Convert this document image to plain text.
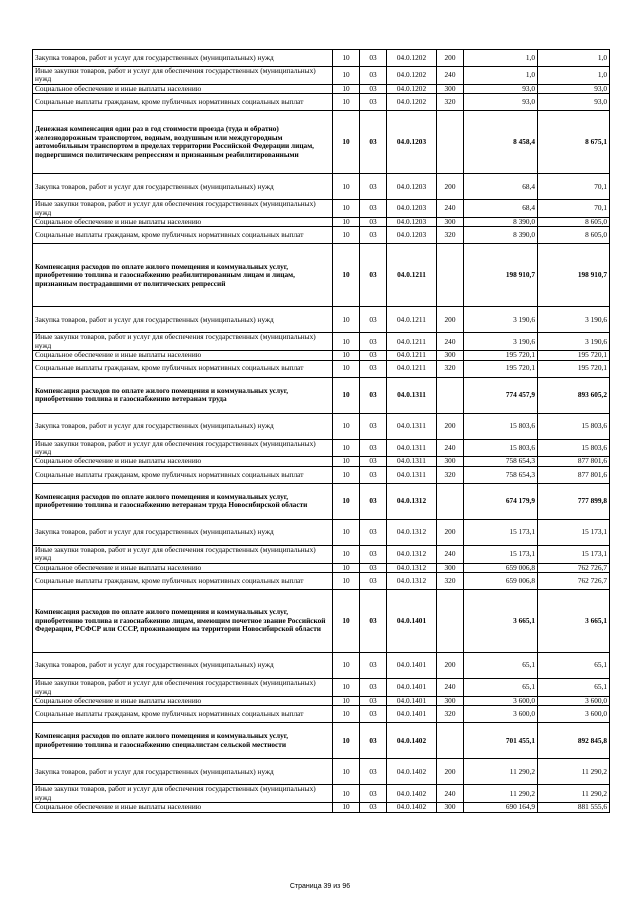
Закупка товаров, работ и услуг для государственных (муниципальных) нужд	10	03	04.0.1202	200	1,0	1,0
Иные закупки товаров, работ и услуг для обеспечения государственных (муниципальных) нужд	10	03	04.0.1202	240	1,0	1,0
Социальное обеспечение и иные выплаты населению	10	03	04.0.1202	300	93,0	93,0
Социальные выплаты гражданам, кроме публичных нормативных социальных выплат	10	03	04.0.1202	320	93,0	93,0
Денежная компенсация один раз в год стоимости проезда (туда и обратно) железнодорожным транспортом, водным, воздушным или междугородным автомобильным транспортом в пределах территории Российской Федерации лицам, подвергшимся политическим репрессиям и признанным реабилитированными	10	03	04.0.1203		8 458,4	8 675,1
Закупка товаров, работ и услуг для государственных (муниципальных) нужд	10	03	04.0.1203	200	68,4	70,1
Иные закупки товаров, работ и услуг для обеспечения государственных (муниципальных) нужд	10	03	04.0.1203	240	68,4	70,1
Социальное обеспечение и иные выплаты населению	10	03	04.0.1203	300	8 390,0	8 605,0
Социальные выплаты гражданам, кроме публичных нормативных социальных выплат	10	03	04.0.1203	320	8 390,0	8 605,0
Компенсация расходов по оплате жилого помещения и коммунальных услуг, приобретению топлива и газоснабжению реабилитированным лицам и лицам, признанным пострадавшими от политических репрессий	10	03	04.0.1211		198 910,7	198 910,7
Закупка товаров, работ и услуг для государственных (муниципальных) нужд	10	03	04.0.1211	200	3 190,6	3 190,6
Иные закупки товаров, работ и услуг для обеспечения государственных (муниципальных) нужд	10	03	04.0.1211	240	3 190,6	3 190,6
Социальное обеспечение и иные выплаты населению	10	03	04.0.1211	300	195 720,1	195 720,1
Социальные выплаты гражданам, кроме публичных нормативных социальных выплат	10	03	04.0.1211	320	195 720,1	195 720,1
Компенсация расходов по оплате жилого помещения и коммунальных услуг, приобретению топлива и газоснабжению ветеранам труда	10	03	04.0.1311		774 457,9	893 605,2
Закупка товаров, работ и услуг для государственных (муниципальных) нужд	10	03	04.0.1311	200	15 803,6	15 803,6
Иные закупки товаров, работ и услуг для обеспечения государственных (муниципальных) нужд	10	03	04.0.1311	240	15 803,6	15 803,6
Социальное обеспечение и иные выплаты населению	10	03	04.0.1311	300	758 654,3	877 801,6
Социальные выплаты гражданам, кроме публичных нормативных социальных выплат	10	03	04.0.1311	320	758 654,3	877 801,6
Компенсация расходов по оплате жилого помещения и коммунальных услуг, приобретению топлива и газоснабжению ветеранам труда Новосибирской области	10	03	04.0.1312		674 179,9	777 899,8
Закупка товаров, работ и услуг для государственных (муниципальных) нужд	10	03	04.0.1312	200	15 173,1	15 173,1
Иные закупки товаров, работ и услуг для обеспечения государственных (муниципальных) нужд	10	03	04.0.1312	240	15 173,1	15 173,1
Социальное обеспечение и иные выплаты населению	10	03	04.0.1312	300	659 006,8	762 726,7
Социальные выплаты гражданам, кроме публичных нормативных социальных выплат	10	03	04.0.1312	320	659 006,8	762 726,7
Компенсация расходов по оплате жилого помещения и коммунальных услуг, приобретению топлива и газоснабжению лицам, имеющим почетное звание Российской Федерации, РСФСР или СССР, проживающим на территории Новосибирской области	10	03	04.0.1401		3 665,1	3 665,1
Закупка товаров, работ и услуг для государственных (муниципальных) нужд	10	03	04.0.1401	200	65,1	65,1
Иные закупки товаров, работ и услуг для обеспечения государственных (муниципальных) нужд	10	03	04.0.1401	240	65,1	65,1
Социальное обеспечение и иные выплаты населению	10	03	04.0.1401	300	3 600,0	3 600,0
Социальные выплаты гражданам, кроме публичных нормативных социальных выплат	10	03	04.0.1401	320	3 600,0	3 600,0
Компенсация расходов по оплате жилого помещения и коммунальных услуг, приобретению топлива и газоснабжению специалистам сельской местности	10	03	04.0.1402		701 455,1	892 845,8
Закупка товаров, работ и услуг для государственных (муниципальных) нужд	10	03	04.0.1402	200	11 290,2	11 290,2
Иные закупки товаров, работ и услуг для обеспечения государственных (муниципальных) нужд	10	03	04.0.1402	240	11 290,2	11 290,2
Социальное обеспечение и иные выплаты населению	10	03	04.0.1402	300	690 164,9	881 555,6
Страница 39 из 96
